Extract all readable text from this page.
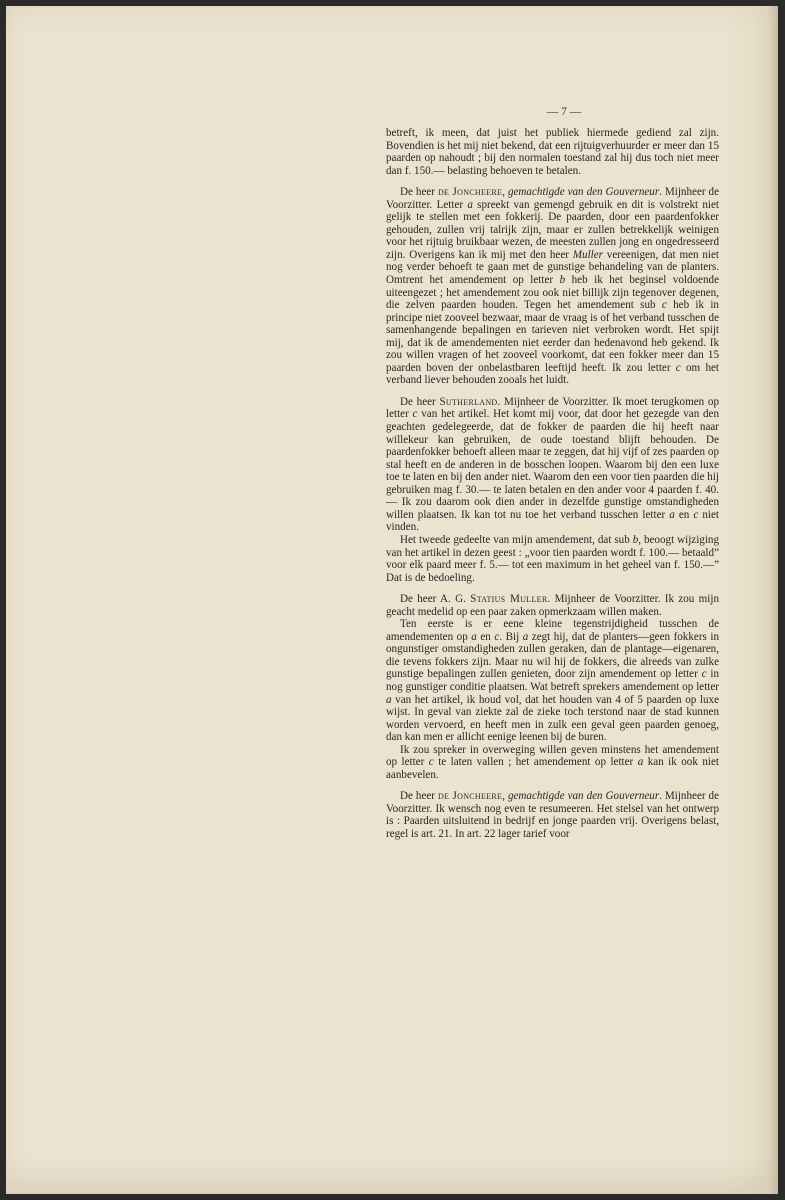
— 7 —

betreft, ik meen, dat juist het publiek hiermede gediend zal zijn. Bovendien is het mij niet bekend, dat een rijtuigverhuurder er meer dan 15 paarden op nahoudt ; bij den normalen toestand zal hij dus toch niet meer dan f. 150.— belasting behoeven te betalen.

De heer de Joncheere, gemachtigde van den Gouverneur. Mijnheer de Voorzitter. Letter a spreekt van gemengd gebruik en dit is volstrekt niet gelijk te stellen met een fokkerij. De paarden, door een paardenfokker gehouden, zullen vrij talrijk zijn, maar er zullen betrekkelijk weinigen voor het rijtuig bruikbaar wezen, de meesten zullen jong en ongedresseerd zijn. Overigens kan ik mij met den heer Muller vereenigen, dat men niet nog verder behoeft te gaan met de gunstige behandeling van de planters. Omtrent het amendement op letter b heb ik het beginsel voldoende uiteengezet ; het amendement zou ook niet billijk zijn tegenover degenen, die zelven paarden houden. Tegen het amendement sub c heb ik in principe niet zooveel bezwaar, maar de vraag is of het verband tusschen de samenhangende bepalingen en tarieven niet verbroken wordt. Het spijt mij, dat ik de amendementen niet eerder dan hedenavond heb gekend. Ik zou willen vragen of het zooveel voorkomt, dat een fokker meer dan 15 paarden boven der onbelastbaren leeftijd heeft. Ik zou letter c om het verband liever behouden zooals het luidt.

De heer Sutherland. Mijnheer de Voorzitter. Ik moet terugkomen op letter c van het artikel. Het komt mij voor, dat door het gezegde van den geachten gedelegeerde, dat de fokker de paarden die hij heeft naar willekeur kan gebruiken, de oude toestand blijft behouden. De paardenfokker behoeft alleen maar te zeggen, dat hij vijf of zes paarden op stal heeft en de anderen in de bosschen loopen. Waarom bij den een luxe toe te laten en bij den ander niet. Waarom den een voor tien paarden die hij gebruiken mag f. 30.— te laten betalen en den ander voor 4 paarden f. 40.— Ik zou daarom ook dien ander in dezelfde gunstige omstandigheden willen plaatsen. Ik kan tot nu toe het verband tusschen letter a en c niet vinden.

Het tweede gedeelte van mijn amendement, dat sub b, beoogt wijziging van het artikel in dezen geest : „voor tien paarden wordt f. 100.— betaald” voor elk paard meer f. 5.— tot een maximum in het geheel van f. 150.—” Dat is de bedoeling.

De heer A. G. Statius Muller. Mijnheer de Voorzitter. Ik zou mijn geacht medelid op een paar zaken opmerkzaam willen maken.

Ten eerste is er eene kleine tegenstrijdigheid tusschen de amendementen op a en c. Bij a zegt hij, dat de planters—geen fokkers in ongunstiger omstandigheden zullen geraken, dan de plantage—eigenaren, die tevens fokkers zijn. Maar nu wil hij de fokkers, die alreeds van zulke gunstige bepalingen zullen genieten, door zijn amendement op letter c in nog gunstiger conditie plaatsen. Wat betreft sprekers amendement op letter a van het artikel, ik houd vol, dat het houden van 4 of 5 paarden op luxe wijst. In geval van ziekte zal de zieke toch terstond naar de stad kunnen worden vervoerd, en heeft men in zulk een geval geen paarden genoeg, dan kan men er allicht eenige leenen bij de buren.

Ik zou spreker in overweging willen geven minstens het amendement op letter c te laten vallen ; het amendement op letter a kan ik ook niet aanbevelen.

De heer de Joncheere, gemachtigde van den Gouverneur. Mijnheer de Voorzitter. Ik wensch nog even te resumeeren. Het stelsel van het ontwerp is : Paarden uitsluitend in bedrijf en jonge paarden vrij. Overigens belast, regel is art. 21. In art. 22 lager tarief voor
